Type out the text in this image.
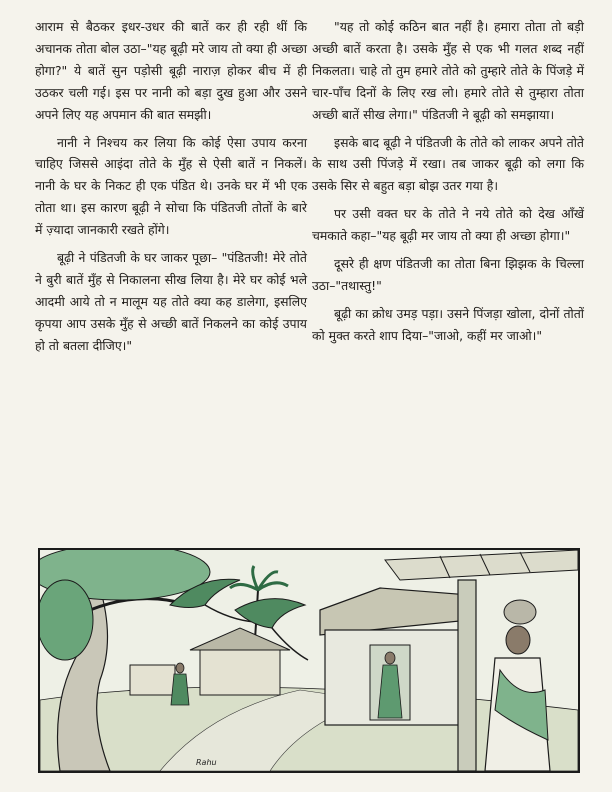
आराम से बैठकर इधर-उधर की बातें कर ही रही थीं कि अचानक तोता बोल उठा–"यह बूढ़ी मरे जाय तो क्या ही अच्छा होगा?" ये बातें सुन पड़ोसी बूढ़ी नाराज़ होकर बीच में ही उठकर चली गई। इस पर नानी को बड़ा दुख हुआ और उसने अपने लिए यह अपमान की बात समझी।

नानी ने निश्चय कर लिया कि कोई ऐसा उपाय करना चाहिए जिससे आइंदा तोते के मुँह से ऐसी बातें न निकलें। नानी के घर के निकट ही एक पंडित थे। उनके घर में भी एक तोता था। इस कारण बूढ़ी ने सोचा कि पंडितजी तोतों के बारे में ज़्यादा जानकारी रखते होंगे।

बूढ़ी ने पंडितजी के घर जाकर पूछा– "पंडितजी! मेरे तोते ने बुरी बातें मुँह से निकालना सीख लिया है। मेरे घर कोई भले आदमी आये तो न मालूम यह तोते क्या कह डालेगा, इसलिए कृपया आप उसके मुँह से अच्छी बातें निकलने का कोई उपाय हो तो बतला दीजिए।"

"यह तो कोई कठिन बात नहीं है। हमारा तोता तो बड़ी अच्छी बातें करता है। उसके मुँह से एक भी गलत शब्द नहीं निकलता। चाहे तो तुम हमारे तोते को तुम्हारे तोते के पिंजड़े में चार-पाँच दिनों के लिए रख लो। हमारे तोते से तुम्हारा तोता अच्छी बातें सीख लेगा।" पंडितजी ने बूढ़ी को समझाया।

इसके बाद बूढ़ी ने पंडितजी के तोते को लाकर अपने तोते के साथ उसी पिंजड़े में रखा। तब जाकर बूढ़ी को लगा कि उसके सिर से बहुत बड़ा बोझ उतर गया है।

पर उसी वक्त घर के तोते ने नये तोते को देख आँखें चमकाते कहा–"यह बूढ़ी मर जाय तो क्या ही अच्छा होगा।"

दूसरे ही क्षण पंडितजी का तोता बिना झिझक के चिल्ला उठा–"तथास्तु!"

बूढ़ी का क्रोध उमड़ पड़ा। उसने पिंजड़ा खोला, दोनों तोतों को मुक्त करते शाप दिया–"जाओ, कहीं मर जाओ।"

Rahu
